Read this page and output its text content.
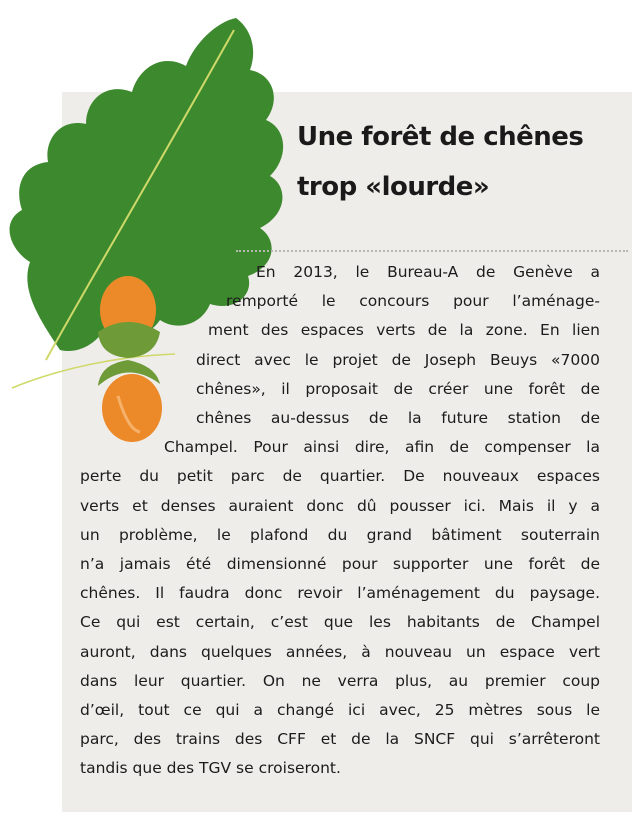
Une forêt de chênes
trop «lourde»
En 2013, le Bureau-A de Genève a
remporté le concours pour l’aménage-
ment des espaces verts de la zone. En lien
direct avec le projet de Joseph Beuys «7000
chênes», il proposait de créer une forêt de
chênes au-dessus de la future station de
Champel. Pour ainsi dire, afin de compenser la
perte du petit parc de quartier. De nouveaux espaces
verts et denses auraient donc dû pousser ici. Mais il y a
un problème, le plafond du grand bâtiment souterrain
n’a jamais été dimensionné pour supporter une forêt de
chênes. Il faudra donc revoir l’aménagement du paysage.
Ce qui est certain, c’est que les habitants de Champel
auront, dans quelques années, à nouveau un espace vert
dans leur quartier. On ne verra plus, au premier coup
d’œil, tout ce qui a changé ici avec, 25 mètres sous le
parc, des trains des CFF et de la SNCF qui s’arrêteront
tandis que des TGV se croiseront.
